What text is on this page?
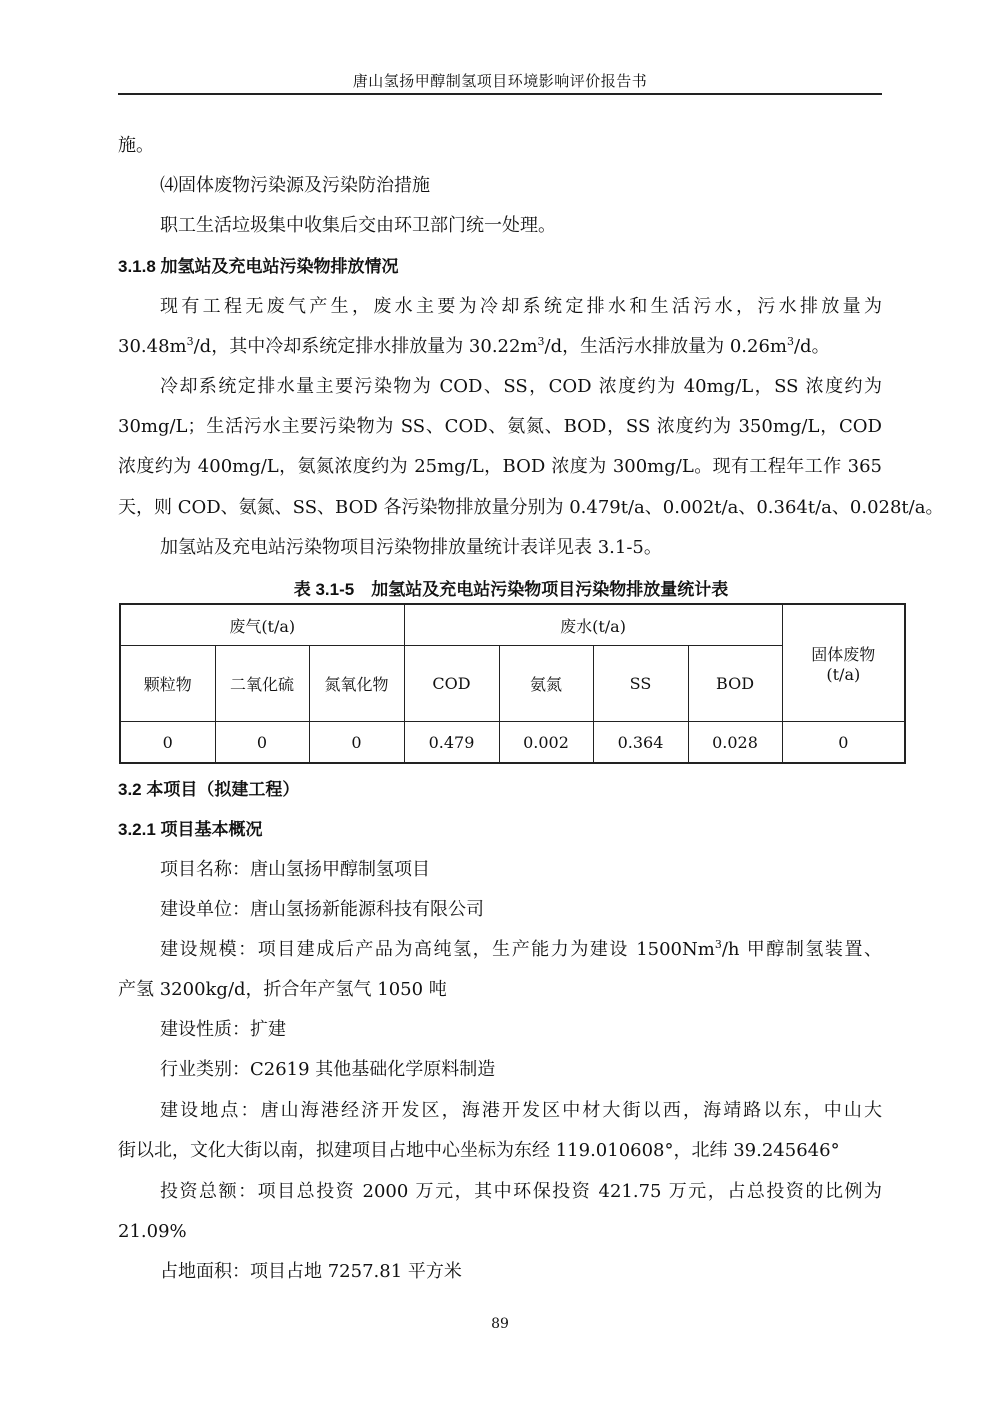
唐山氢扬甲醇制氢项目环境影响评价报告书
施。
⑷固体废物污染源及污染防治措施
职工生活垃圾集中收集后交由环卫部门统一处理。
3.1.8 加氢站及充电站污染物排放情况
现有工程无废气产生，废水主要为冷却系统定排水和生活污水，污水排放量为
$30.48m^3/d$，其中冷却系统定排水排放量为 $30.22m^3/d$，生活污水排放量为 $0.26m^3/d$。
冷却系统定排水量主要污染物为 COD、SS，COD 浓度约为 40mg/L，SS 浓度约为
30mg/L；生活污水主要污染物为 SS、COD、氨氮、BOD，SS 浓度约为 350mg/L，COD
浓度约为 400mg/L，氨氮浓度约为 25mg/L，BOD 浓度为 300mg/L。现有工程年工作 365
天，则 COD、氨氮、SS、BOD 各污染物排放量分别为 0.479t/a、0.002t/a、0.364t/a、0.028t/a。
加氢站及充电站污染物项目污染物排放量统计表详见表 3.1-5。
表 3.1-5　加氢站及充电站污染物项目污染物排放量统计表
废气(t/a)			废水(t/a)				固体废物
(t/a)

颗粒物	二氧化硫	氮氧化物	COD	氨氮	SS	BOD	
0	0	0	0.479	0.002	0.364	0.028	0
3.2 本项目（拟建工程）
3.2.1 项目基本概况
项目名称：唐山氢扬甲醇制氢项目
建设单位：唐山氢扬新能源科技有限公司
建设规模：项目建成后产品为高纯氢，生产能力为建设 1500Nm$^3$/h 甲醇制氢装置、
产氢 3200kg/d，折合年产氢气 1050 吨
建设性质：扩建
行业类别：C2619 其他基础化学原料制造
建设地点：唐山海港经济开发区，海港开发区中材大街以西，海靖路以东，中山大
街以北，文化大街以南，拟建项目占地中心坐标为东经 119.010608°，北纬 39.245646°
投资总额：项目总投资 2000 万元，其中环保投资 421.75 万元，占总投资的比例为
21.09%
占地面积：项目占地 7257.81 平方米
89
